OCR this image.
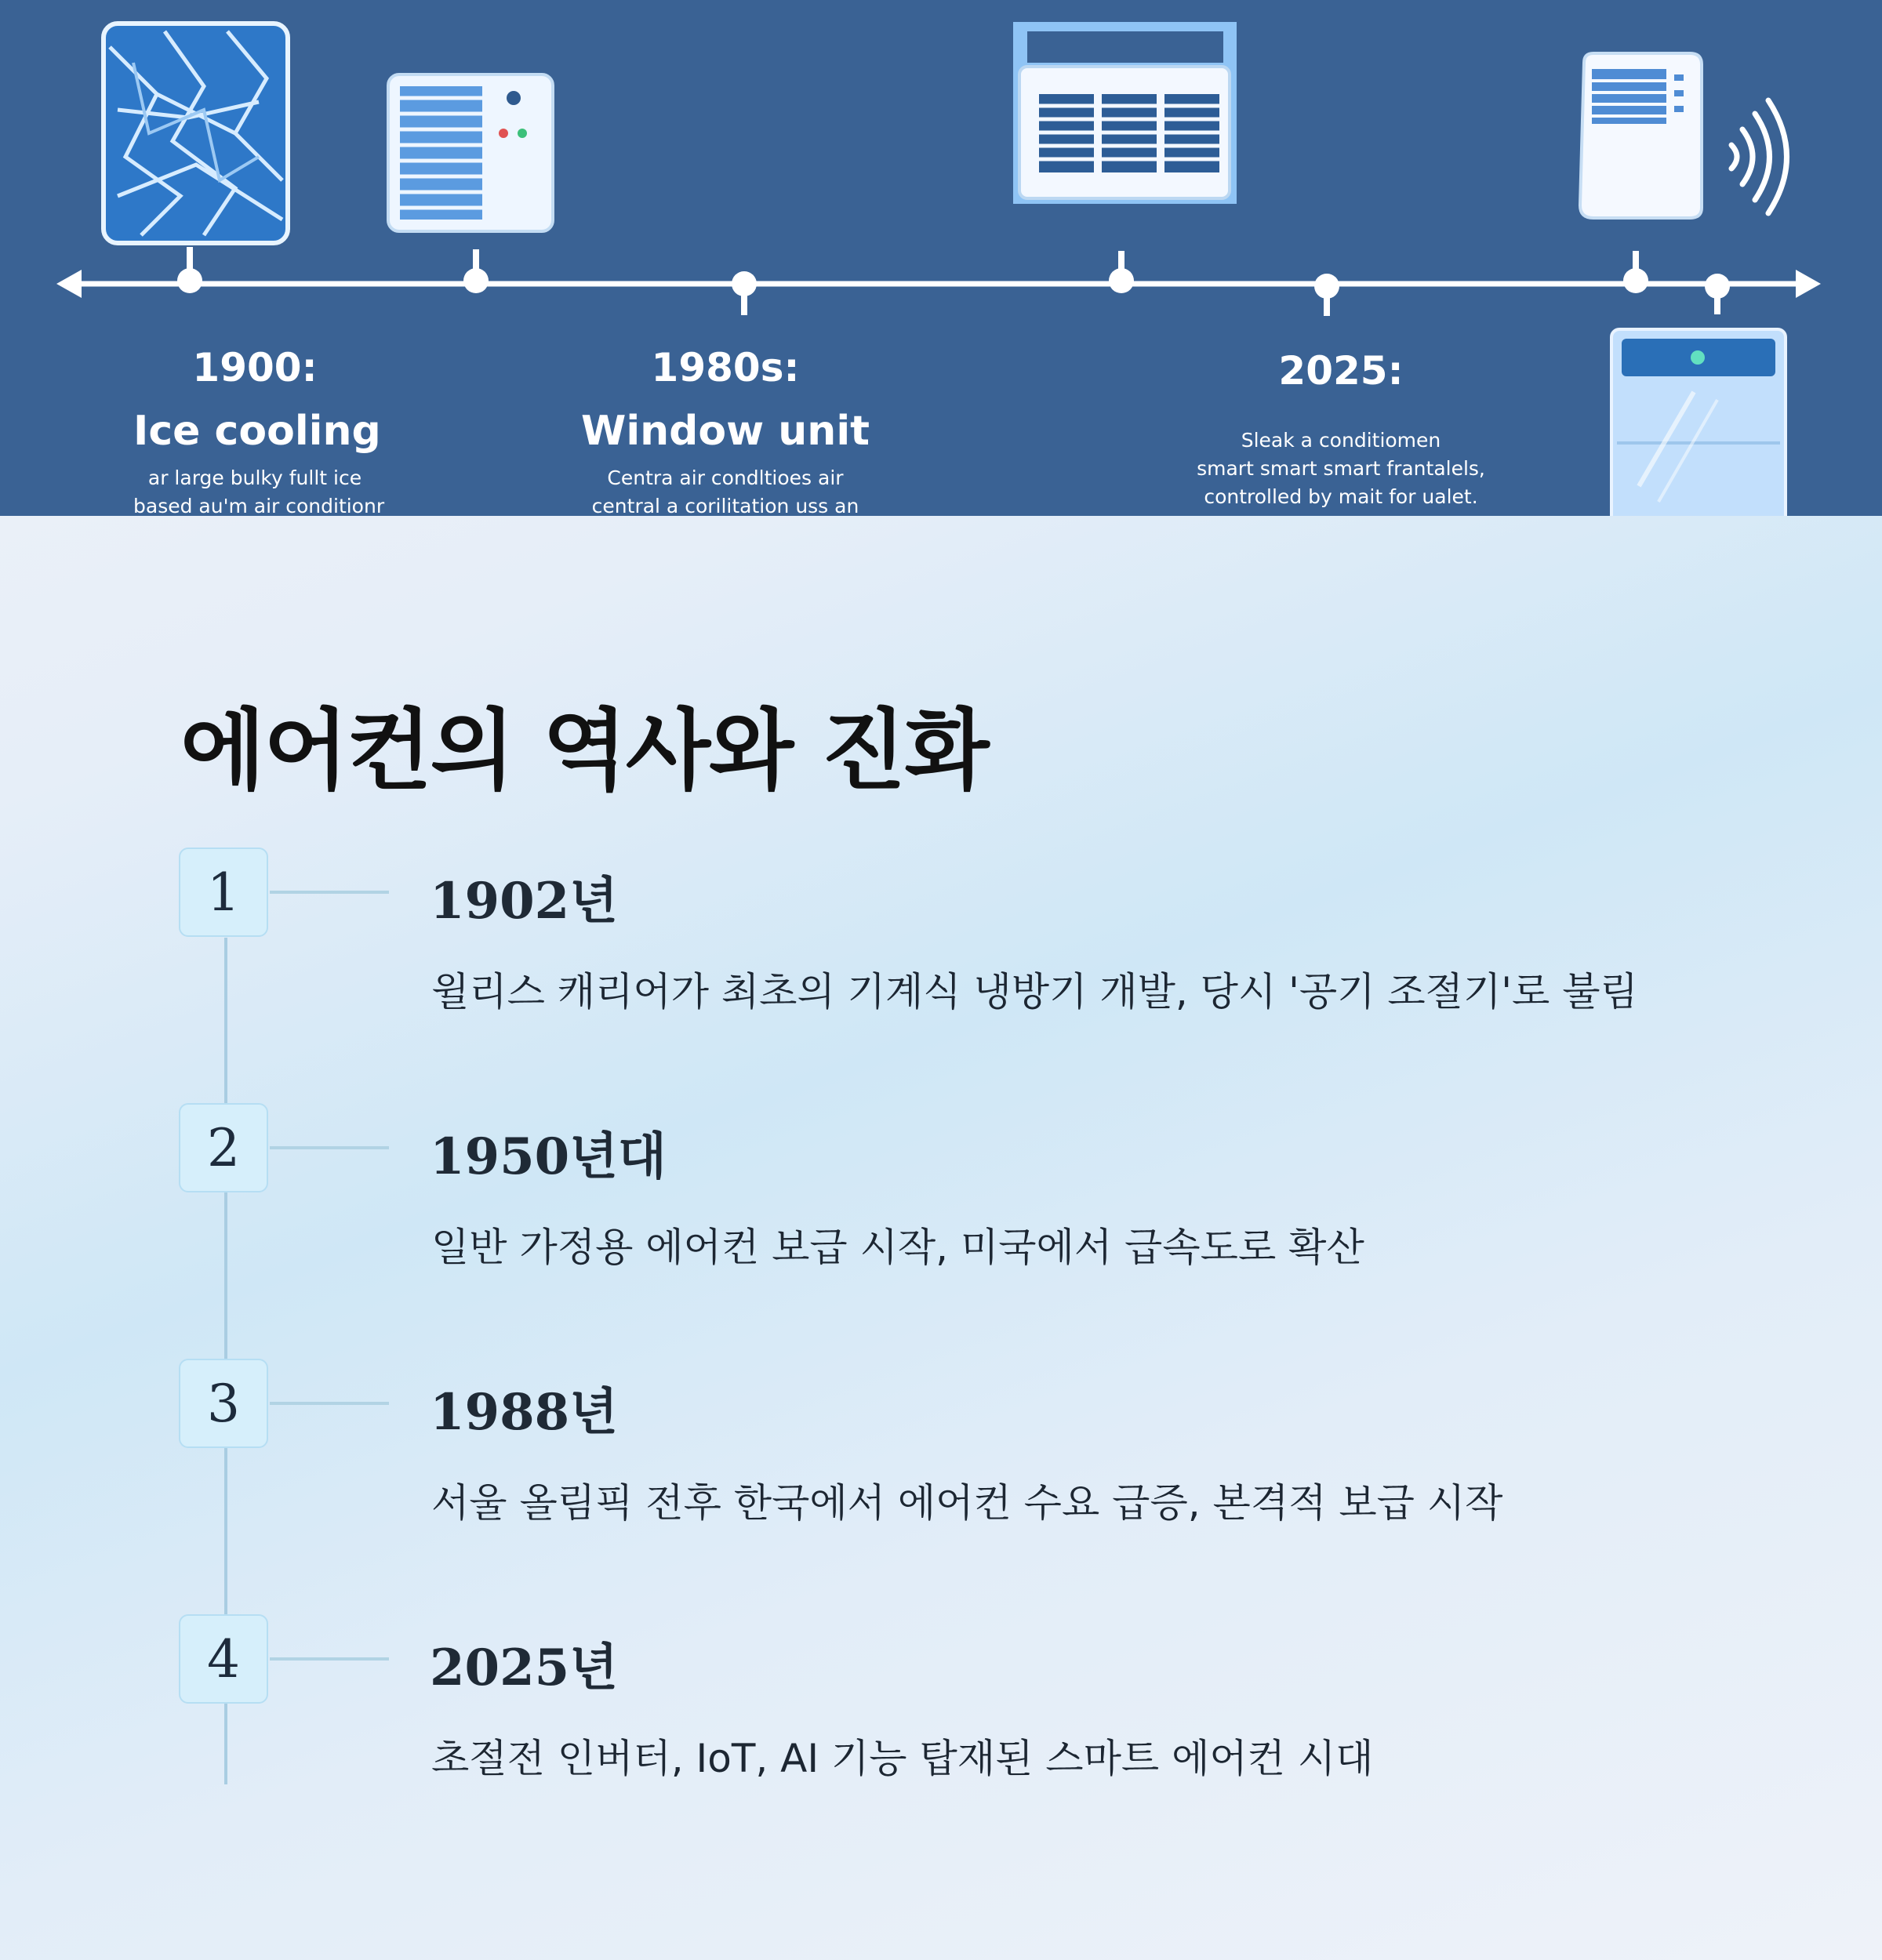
1900:
Ice cooling
ar large bulky fullt ice
based au'm air conditionr
1980s:
Window unit
Centra air condltioes air
central a corilitation uss an
2025:
Sleak a conditiomen
smart smart smart frantalels,
controlled by mait for ualet.
에어컨의 역사와 진화
1	1902년
윌리스 캐리어가 최초의 기계식 냉방기 개발, 당시 '공기 조절기'로 불림
2	1950년대
일반 가정용 에어컨 보급 시작, 미국에서 급속도로 확산
3	1988년
서울 올림픽 전후 한국에서 에어컨 수요 급증, 본격적 보급 시작
4	2025년
초절전 인버터, IoT, AI 기능 탑재된 스마트 에어컨 시대
